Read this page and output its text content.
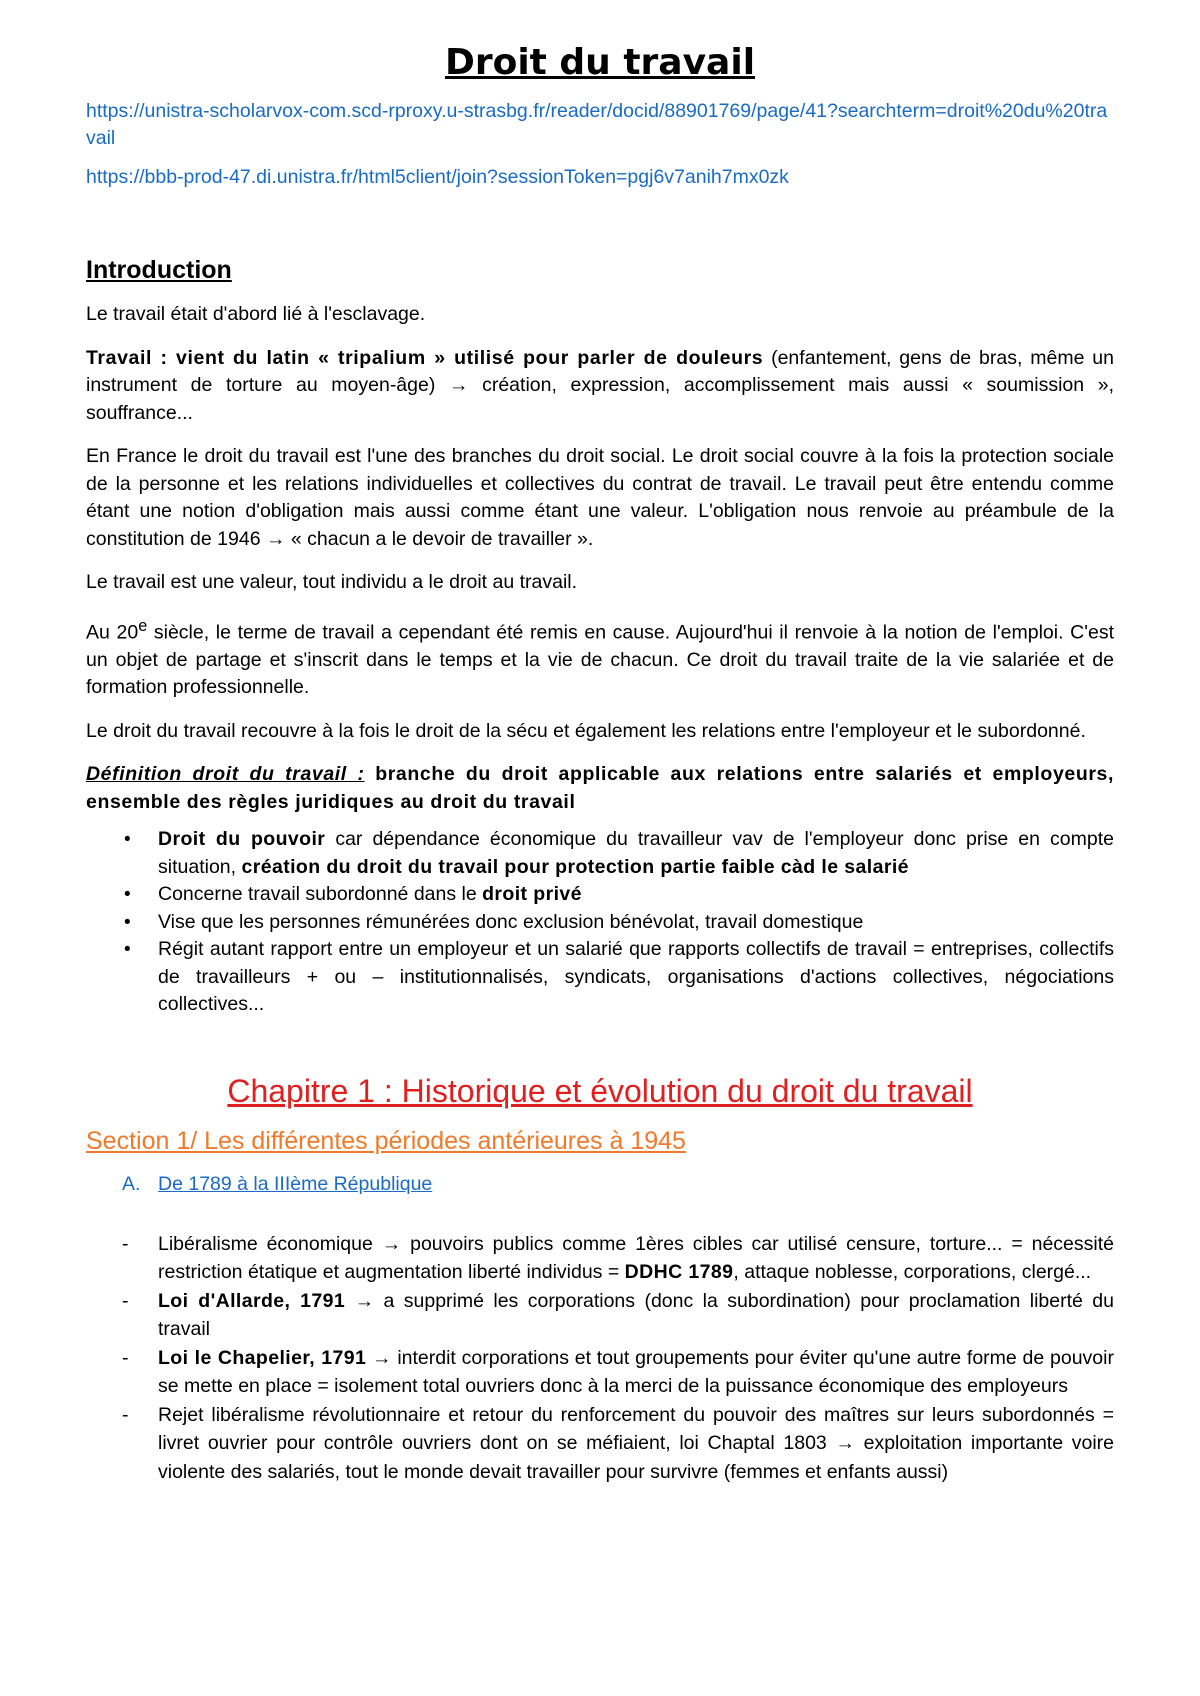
Droit du travail
https://unistra-scholarvox-com.scd-rproxy.u-strasbg.fr/reader/docid/88901769/page/41?searchterm=droit%20du%20travail
https://bbb-prod-47.di.unistra.fr/html5client/join?sessionToken=pgj6v7anih7mx0zk
Introduction

Le travail était d'abord lié à l'esclavage.

Travail : vient du latin « tripalium » utilisé pour parler de douleurs (enfantement, gens de bras, même un instrument de torture au moyen-âge) → création, expression, accomplissement mais aussi « soumission », souffrance...

En France le droit du travail est l'une des branches du droit social. Le droit social couvre à la fois la protection sociale de la personne et les relations individuelles et collectives du contrat de travail. Le travail peut être entendu comme étant une notion d'obligation mais aussi comme étant une valeur. L'obligation nous renvoie au préambule de la constitution de 1946 → « chacun a le devoir de travailler ».

Le travail est une valeur, tout individu a le droit au travail.

Au 20e siècle, le terme de travail a cependant été remis en cause. Aujourd'hui il renvoie à la notion de l'emploi. C'est un objet de partage et s'inscrit dans le temps et la vie de chacun. Ce droit du travail traite de la vie salariée et de formation professionnelle.

Le droit du travail recouvre à la fois le droit de la sécu et également les relations entre l'employeur et le subordonné.

Définition droit du travail : branche du droit applicable aux relations entre salariés et employeurs, ensemble des règles juridiques au droit du travail

• Droit du pouvoir car dépendance économique du travailleur vav de l'employeur donc prise en compte situation, création du droit du travail pour protection partie faible càd le salarié
• Concerne travail subordonné dans le droit privé
• Vise que les personnes rémunérées donc exclusion bénévolat, travail domestique
• Régit autant rapport entre un employeur et un salarié que rapports collectifs de travail = entreprises, collectifs de travailleurs + ou – institutionnalisés, syndicats, organisations d'actions collectives, négociations collectives...
Chapitre 1 : Historique et évolution du droit du travail
Section 1/ Les différentes périodes antérieures à 1945
A. De 1789 à la IIIème République
- Libéralisme économique → pouvoirs publics comme 1ères cibles car utilisé censure, torture... = nécessité restriction étatique et augmentation liberté individus = DDHC 1789, attaque noblesse, corporations, clergé...
- Loi d'Allarde, 1791 → a supprimé les corporations (donc la subordination) pour proclamation liberté du travail
- Loi le Chapelier, 1791 → interdit corporations et tout groupements pour éviter qu'une autre forme de pouvoir se mette en place = isolement total ouvriers donc à la merci de la puissance économique des employeurs
- Rejet libéralisme révolutionnaire et retour du renforcement du pouvoir des maîtres sur leurs subordonnés = livret ouvrier pour contrôle ouvriers dont on se méfiaient, loi Chaptal 1803 → exploitation importante voire violente des salariés, tout le monde devait travailler pour survivre (femmes et enfants aussi)
